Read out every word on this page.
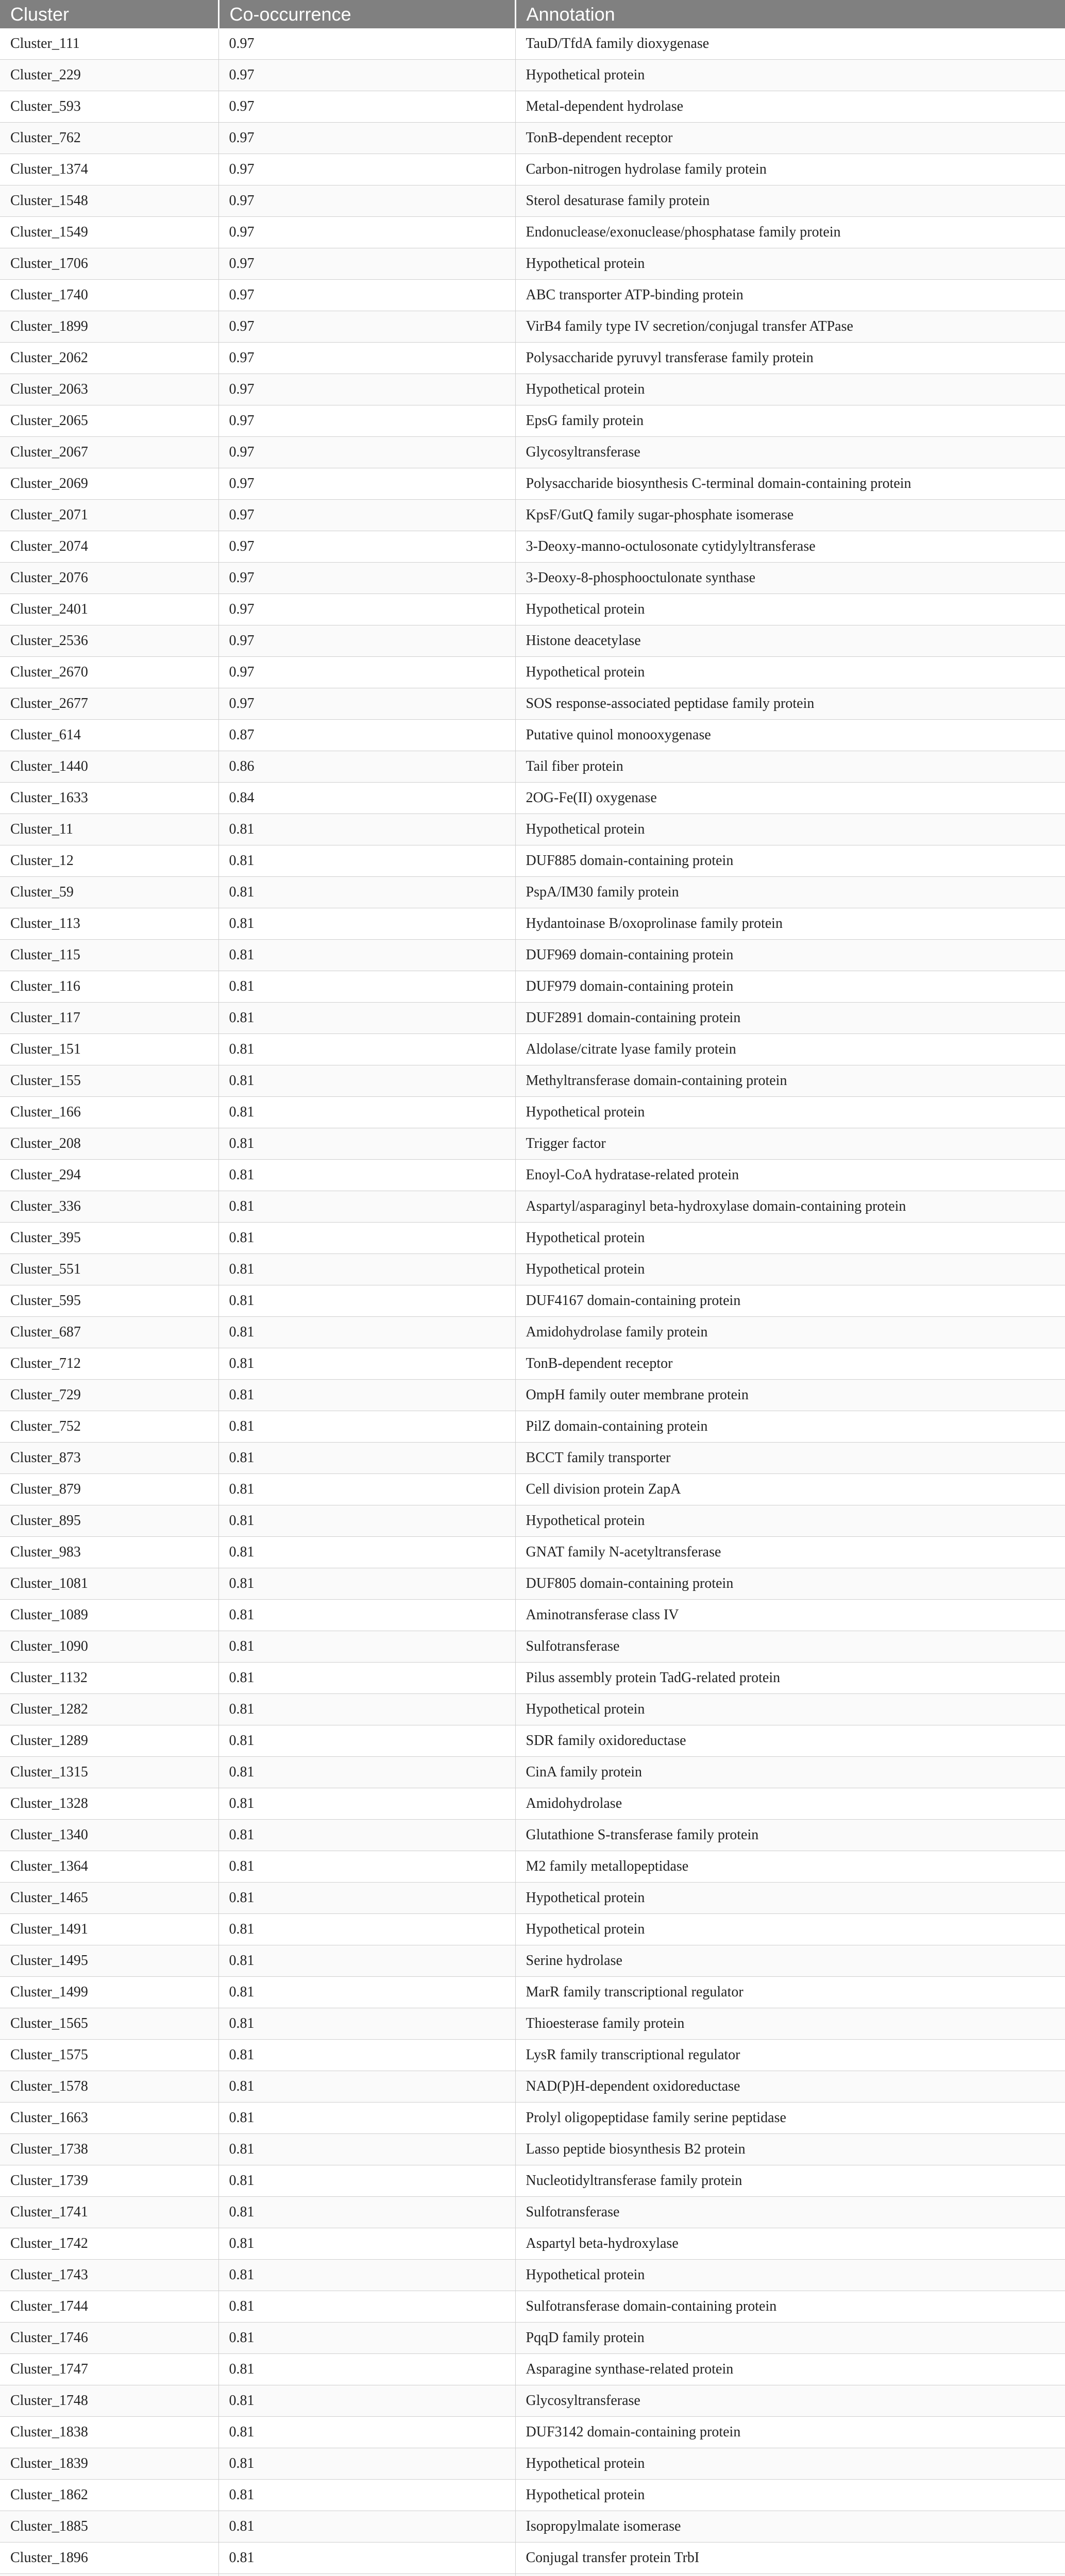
Cluster	Co-occurrence	Annotation
Cluster_111	0.97	TauD/TfdA family dioxygenase
Cluster_229	0.97	Hypothetical protein
Cluster_593	0.97	Metal-dependent hydrolase
Cluster_762	0.97	TonB-dependent receptor
Cluster_1374	0.97	Carbon-nitrogen hydrolase family protein
Cluster_1548	0.97	Sterol desaturase family protein
Cluster_1549	0.97	Endonuclease/exonuclease/phosphatase family protein
Cluster_1706	0.97	Hypothetical protein
Cluster_1740	0.97	ABC transporter ATP-binding protein
Cluster_1899	0.97	VirB4 family type IV secretion/conjugal transfer ATPase
Cluster_2062	0.97	Polysaccharide pyruvyl transferase family protein
Cluster_2063	0.97	Hypothetical protein
Cluster_2065	0.97	EpsG family protein
Cluster_2067	0.97	Glycosyltransferase
Cluster_2069	0.97	Polysaccharide biosynthesis C-terminal domain-containing protein
Cluster_2071	0.97	KpsF/GutQ family sugar-phosphate isomerase
Cluster_2074	0.97	3-Deoxy-manno-octulosonate cytidylyltransferase
Cluster_2076	0.97	3-Deoxy-8-phosphooctulonate synthase
Cluster_2401	0.97	Hypothetical protein
Cluster_2536	0.97	Histone deacetylase
Cluster_2670	0.97	Hypothetical protein
Cluster_2677	0.97	SOS response-associated peptidase family protein
Cluster_614	0.87	Putative quinol monooxygenase
Cluster_1440	0.86	Tail fiber protein
Cluster_1633	0.84	2OG-Fe(II) oxygenase
Cluster_11	0.81	Hypothetical protein
Cluster_12	0.81	DUF885 domain-containing protein
Cluster_59	0.81	PspA/IM30 family protein
Cluster_113	0.81	Hydantoinase B/oxoprolinase family protein
Cluster_115	0.81	DUF969 domain-containing protein
Cluster_116	0.81	DUF979 domain-containing protein
Cluster_117	0.81	DUF2891 domain-containing protein
Cluster_151	0.81	Aldolase/citrate lyase family protein
Cluster_155	0.81	Methyltransferase domain-containing protein
Cluster_166	0.81	Hypothetical protein
Cluster_208	0.81	Trigger factor
Cluster_294	0.81	Enoyl-CoA hydratase-related protein
Cluster_336	0.81	Aspartyl/asparaginyl beta-hydroxylase domain-containing protein
Cluster_395	0.81	Hypothetical protein
Cluster_551	0.81	Hypothetical protein
Cluster_595	0.81	DUF4167 domain-containing protein
Cluster_687	0.81	Amidohydrolase family protein
Cluster_712	0.81	TonB-dependent receptor
Cluster_729	0.81	OmpH family outer membrane protein
Cluster_752	0.81	PilZ domain-containing protein
Cluster_873	0.81	BCCT family transporter
Cluster_879	0.81	Cell division protein ZapA
Cluster_895	0.81	Hypothetical protein
Cluster_983	0.81	GNAT family N-acetyltransferase
Cluster_1081	0.81	DUF805 domain-containing protein
Cluster_1089	0.81	Aminotransferase class IV
Cluster_1090	0.81	Sulfotransferase
Cluster_1132	0.81	Pilus assembly protein TadG-related protein
Cluster_1282	0.81	Hypothetical protein
Cluster_1289	0.81	SDR family oxidoreductase
Cluster_1315	0.81	CinA family protein
Cluster_1328	0.81	Amidohydrolase
Cluster_1340	0.81	Glutathione S-transferase family protein
Cluster_1364	0.81	M2 family metallopeptidase
Cluster_1465	0.81	Hypothetical protein
Cluster_1491	0.81	Hypothetical protein
Cluster_1495	0.81	Serine hydrolase
Cluster_1499	0.81	MarR family transcriptional regulator
Cluster_1565	0.81	Thioesterase family protein
Cluster_1575	0.81	LysR family transcriptional regulator
Cluster_1578	0.81	NAD(P)H-dependent oxidoreductase
Cluster_1663	0.81	Prolyl oligopeptidase family serine peptidase
Cluster_1738	0.81	Lasso peptide biosynthesis B2 protein
Cluster_1739	0.81	Nucleotidyltransferase family protein
Cluster_1741	0.81	Sulfotransferase
Cluster_1742	0.81	Aspartyl beta-hydroxylase
Cluster_1743	0.81	Hypothetical protein
Cluster_1744	0.81	Sulfotransferase domain-containing protein
Cluster_1746	0.81	PqqD family protein
Cluster_1747	0.81	Asparagine synthase-related protein
Cluster_1748	0.81	Glycosyltransferase
Cluster_1838	0.81	DUF3142 domain-containing protein
Cluster_1839	0.81	Hypothetical protein
Cluster_1862	0.81	Hypothetical protein
Cluster_1885	0.81	Isopropylmalate isomerase
Cluster_1896	0.81	Conjugal transfer protein TrbI
